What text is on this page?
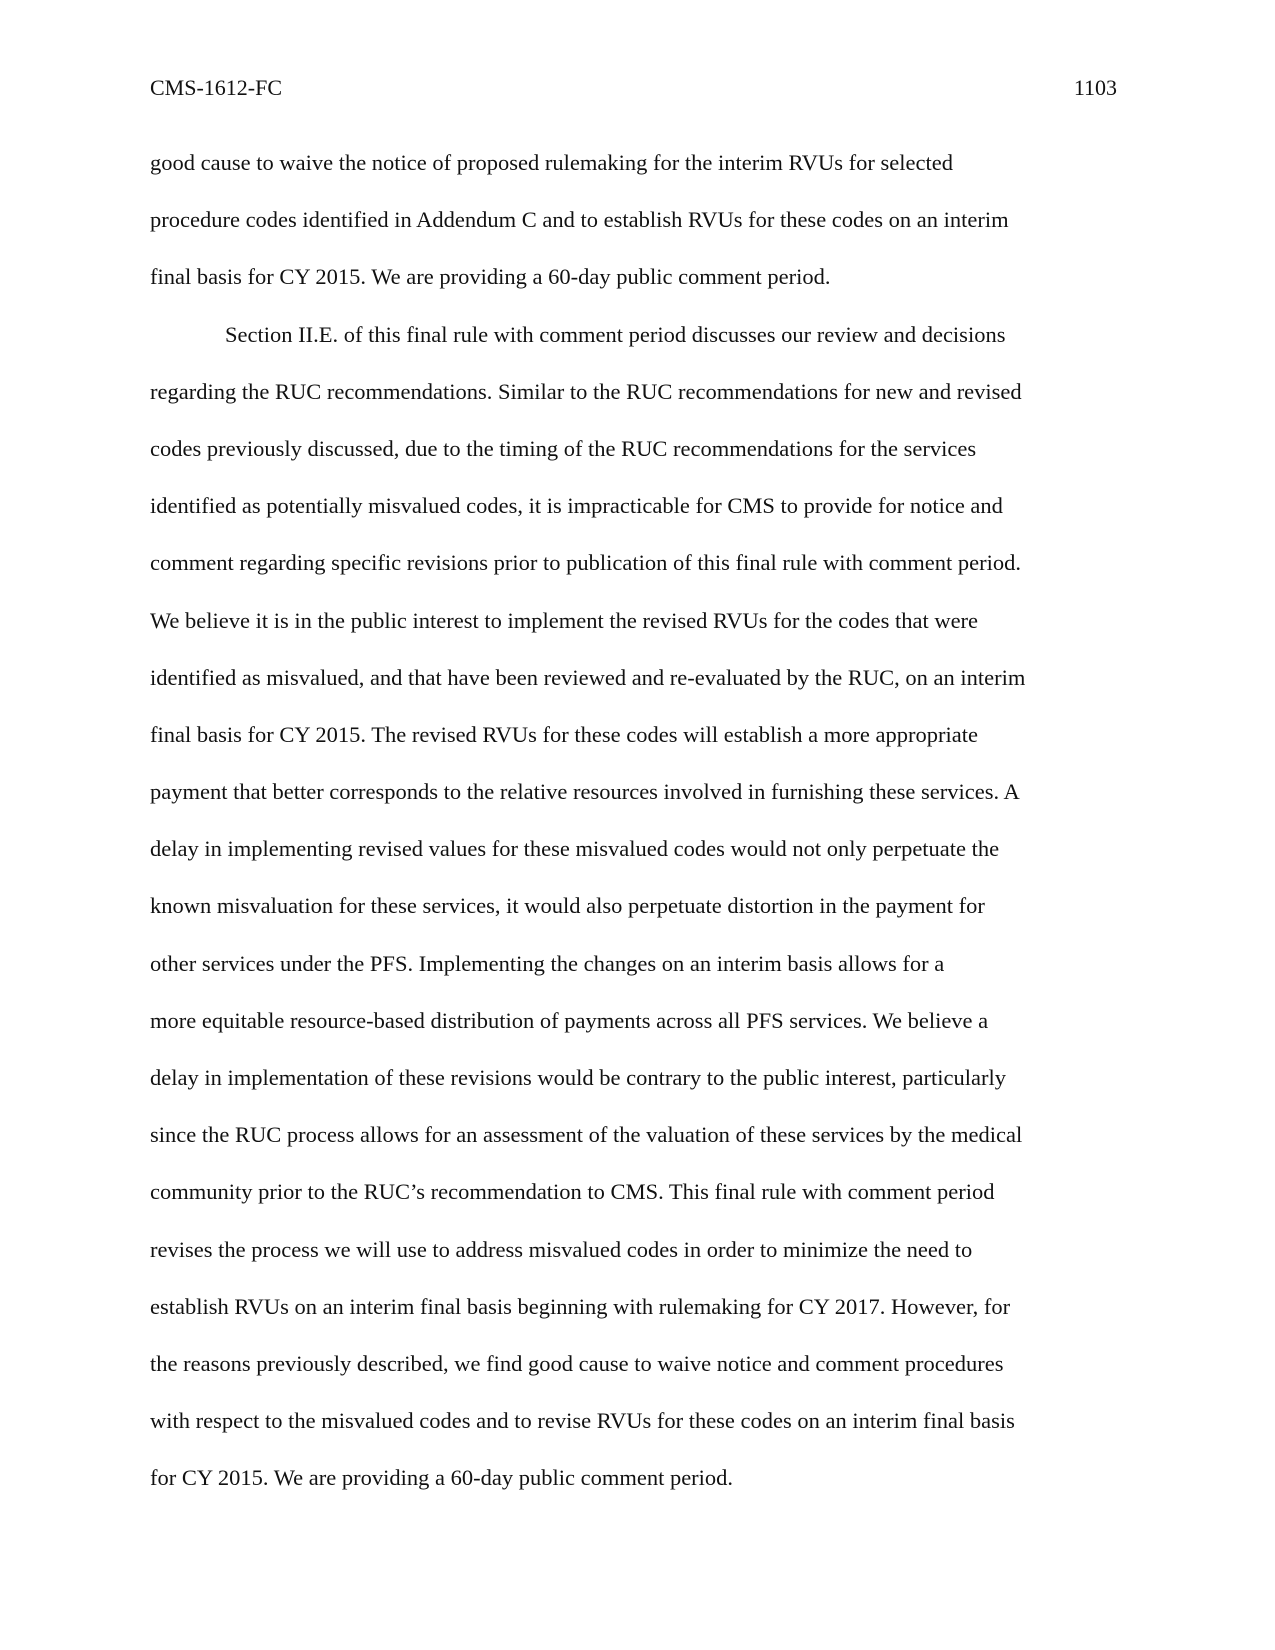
CMS-1612-FC	1103
good cause to waive the notice of proposed rulemaking for the interim RVUs for selected
procedure codes identified in Addendum C and to establish RVUs for these codes on an interim
final basis for CY 2015. We are providing a 60-day public comment period.
Section II.E. of this final rule with comment period discusses our review and decisions
regarding the RUC recommendations. Similar to the RUC recommendations for new and revised
codes previously discussed, due to the timing of the RUC recommendations for the services
identified as potentially misvalued codes, it is impracticable for CMS to provide for notice and
comment regarding specific revisions prior to publication of this final rule with comment period.
We believe it is in the public interest to implement the revised RVUs for the codes that were
identified as misvalued, and that have been reviewed and re-evaluated by the RUC, on an interim
final basis for CY 2015. The revised RVUs for these codes will establish a more appropriate
payment that better corresponds to the relative resources involved in furnishing these services. A
delay in implementing revised values for these misvalued codes would not only perpetuate the
known misvaluation for these services, it would also perpetuate distortion in the payment for
other services under the PFS. Implementing the changes on an interim basis allows for a
more equitable resource-based distribution of payments across all PFS services. We believe a
delay in implementation of these revisions would be contrary to the public interest, particularly
since the RUC process allows for an assessment of the valuation of these services by the medical
community prior to the RUC’s recommendation to CMS. This final rule with comment period
revises the process we will use to address misvalued codes in order to minimize the need to
establish RVUs on an interim final basis beginning with rulemaking for CY 2017. However, for
the reasons previously described, we find good cause to waive notice and comment procedures
with respect to the misvalued codes and to revise RVUs for these codes on an interim final basis
for CY 2015. We are providing a 60-day public comment period.
